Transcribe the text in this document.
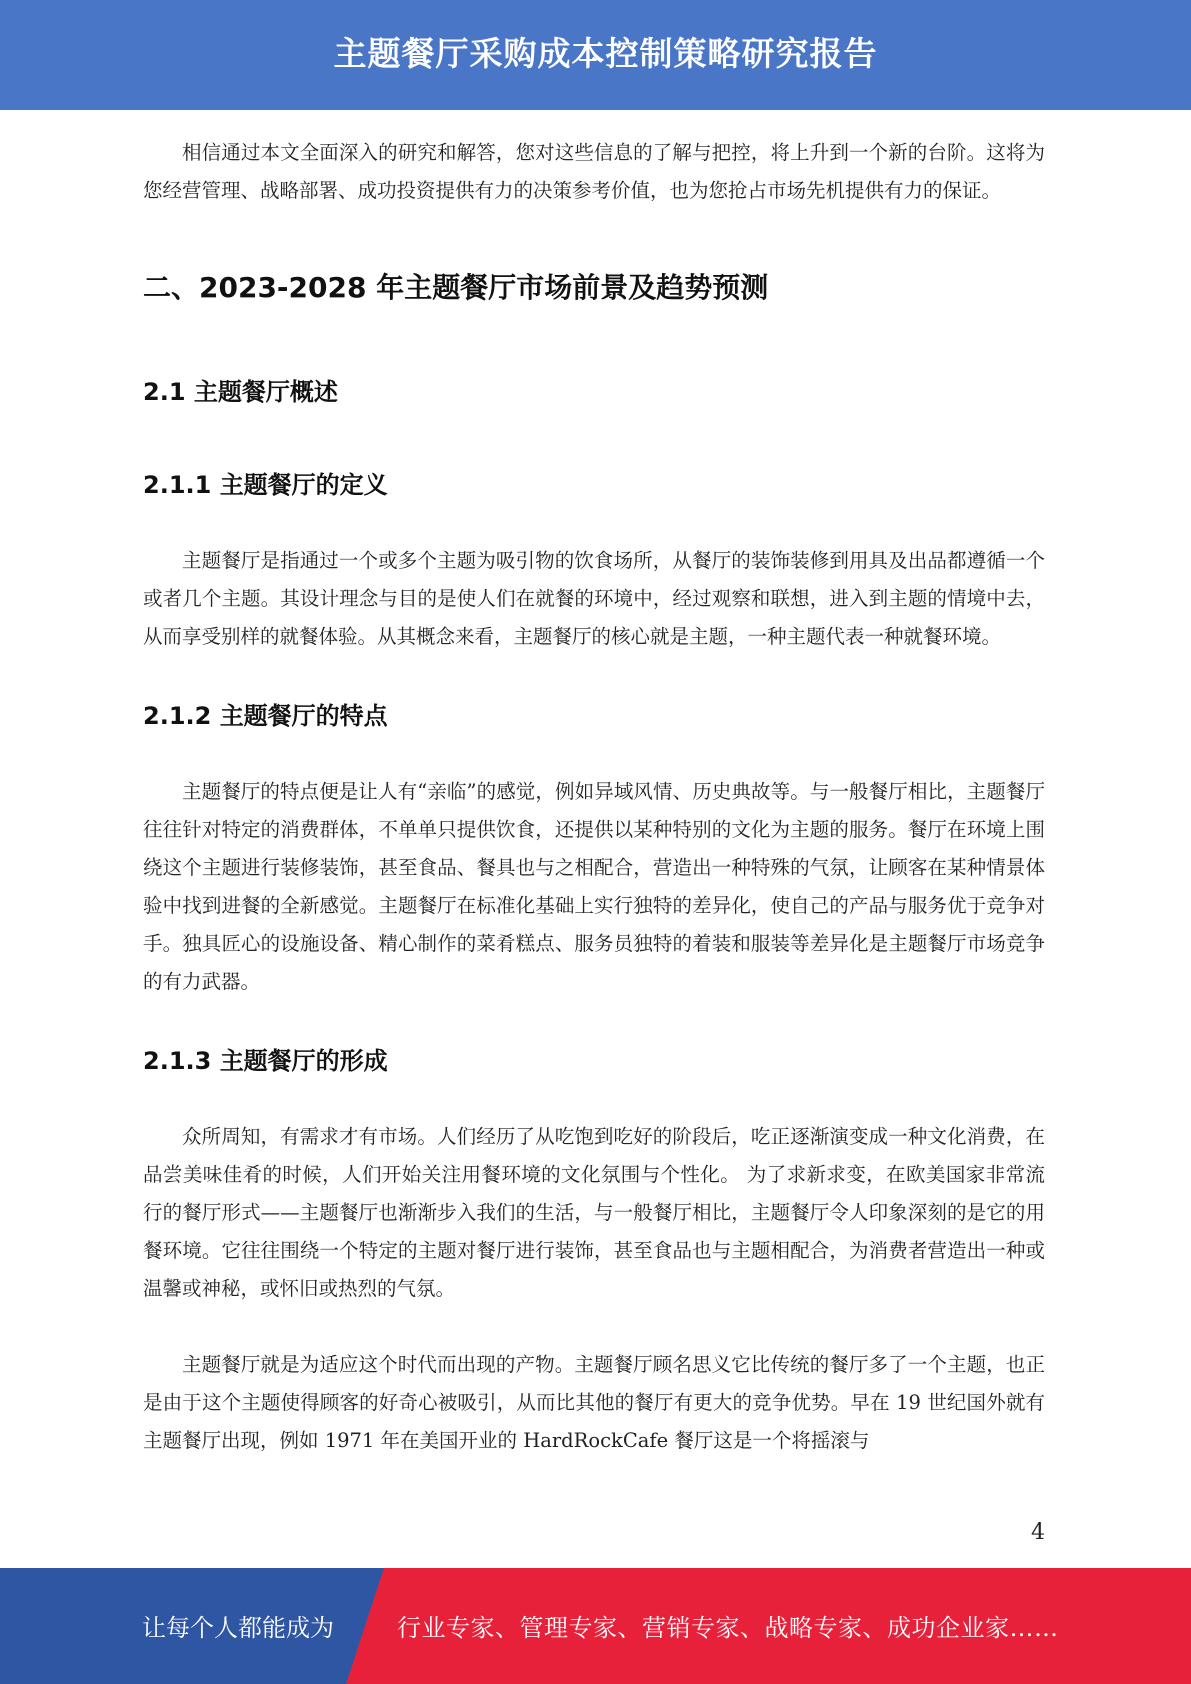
主题餐厅采购成本控制策略研究报告

相信通过本文全面深入的研究和解答，您对这些信息的了解与把控，将上升到一个新的台阶。这将为您经营管理、战略部署、成功投资提供有力的决策参考价值，也为您抢占市场先机提供有力的保证。

二、2023-2028 年主题餐厅市场前景及趋势预测
2.1 主题餐厅概述
2.1.1 主题餐厅的定义

主题餐厅是指通过一个或多个主题为吸引物的饮食场所，从餐厅的装饰装修到用具及出品都遵循一个或者几个主题。其设计理念与目的是使人们在就餐的环境中，经过观察和联想，进入到主题的情境中去，从而享受别样的就餐体验。从其概念来看，主题餐厅的核心就是主题，一种主题代表一种就餐环境。

2.1.2 主题餐厅的特点

主题餐厅的特点便是让人有“亲临”的感觉，例如异域风情、历史典故等。与一般餐厅相比，主题餐厅往往针对特定的消费群体，不单单只提供饮食，还提供以某种特别的文化为主题的服务。餐厅在环境上围绕这个主题进行装修装饰，甚至食品、餐具也与之相配合，营造出一种特殊的气氛，让顾客在某种情景体验中找到进餐的全新感觉。主题餐厅在标准化基础上实行独特的差异化，使自己的产品与服务优于竞争对手。独具匠心的设施设备、精心制作的菜肴糕点、服务员独特的着装和服装等差异化是主题餐厅市场竞争的有力武器。

2.1.3 主题餐厅的形成

众所周知，有需求才有市场。人们经历了从吃饱到吃好的阶段后，吃正逐渐演变成一种文化消费，在品尝美味佳肴的时候，人们开始关注用餐环境的文化氛围与个性化。 为了求新求变，在欧美国家非常流行的餐厅形式——主题餐厅也渐渐步入我们的生活，与一般餐厅相比，主题餐厅令人印象深刻的是它的用餐环境。它往往围绕一个特定的主题对餐厅进行装饰，甚至食品也与主题相配合，为消费者营造出一种或温馨或神秘，或怀旧或热烈的气氛。

主题餐厅就是为适应这个时代而出现的产物。主题餐厅顾名思义它比传统的餐厅多了一个主题，也正是由于这个主题使得顾客的好奇心被吸引，从而比其他的餐厅有更大的竞争优势。早在 19 世纪国外就有主题餐厅出现，例如 1971 年在美国开业的 HardRockCafe 餐厅这是一个将摇滚与

4
让每个人都能成为	行业专家、管理专家、营销专家、战略专家、成功企业家……
